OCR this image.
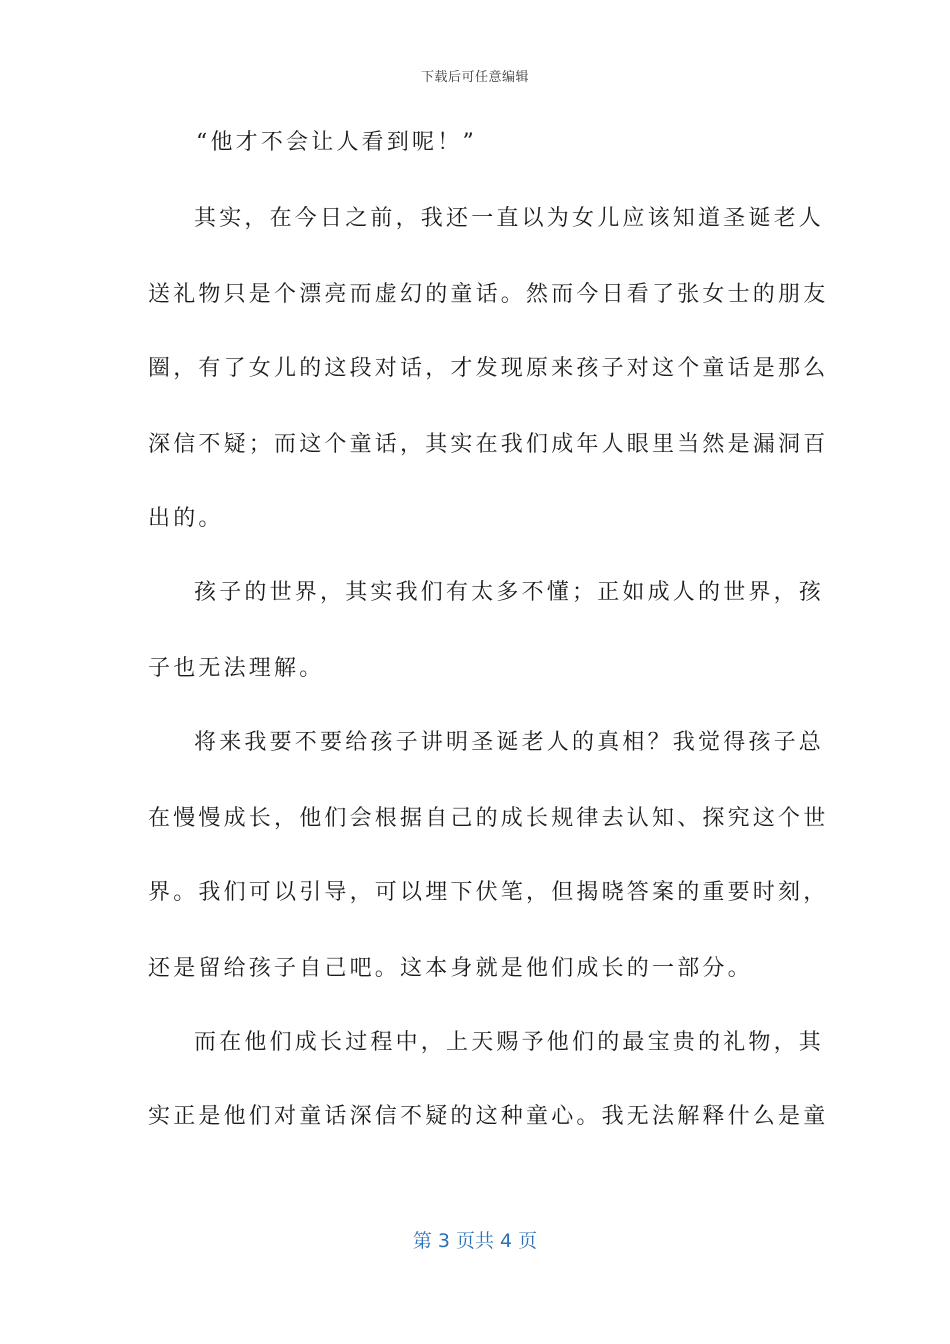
下载后可任意编辑
“他才不会让人看到呢！”
其实，在今日之前，我还一直以为女儿应该知道圣诞老人
送礼物只是个漂亮而虚幻的童话。然而今日看了张女士的朋友
圈，有了女儿的这段对话，才发现原来孩子对这个童话是那么
深信不疑；而这个童话，其实在我们成年人眼里当然是漏洞百
出的。
孩子的世界，其实我们有太多不懂；正如成人的世界，孩
子也无法理解。
将来我要不要给孩子讲明圣诞老人的真相？我觉得孩子总
在慢慢成长，他们会根据自己的成长规律去认知、探究这个世
界。我们可以引导，可以埋下伏笔，但揭晓答案的重要时刻，
还是留给孩子自己吧。这本身就是他们成长的一部分。
而在他们成长过程中，上天赐予他们的最宝贵的礼物，其
实正是他们对童话深信不疑的这种童心。我无法解释什么是童
第 3 页共 4 页
